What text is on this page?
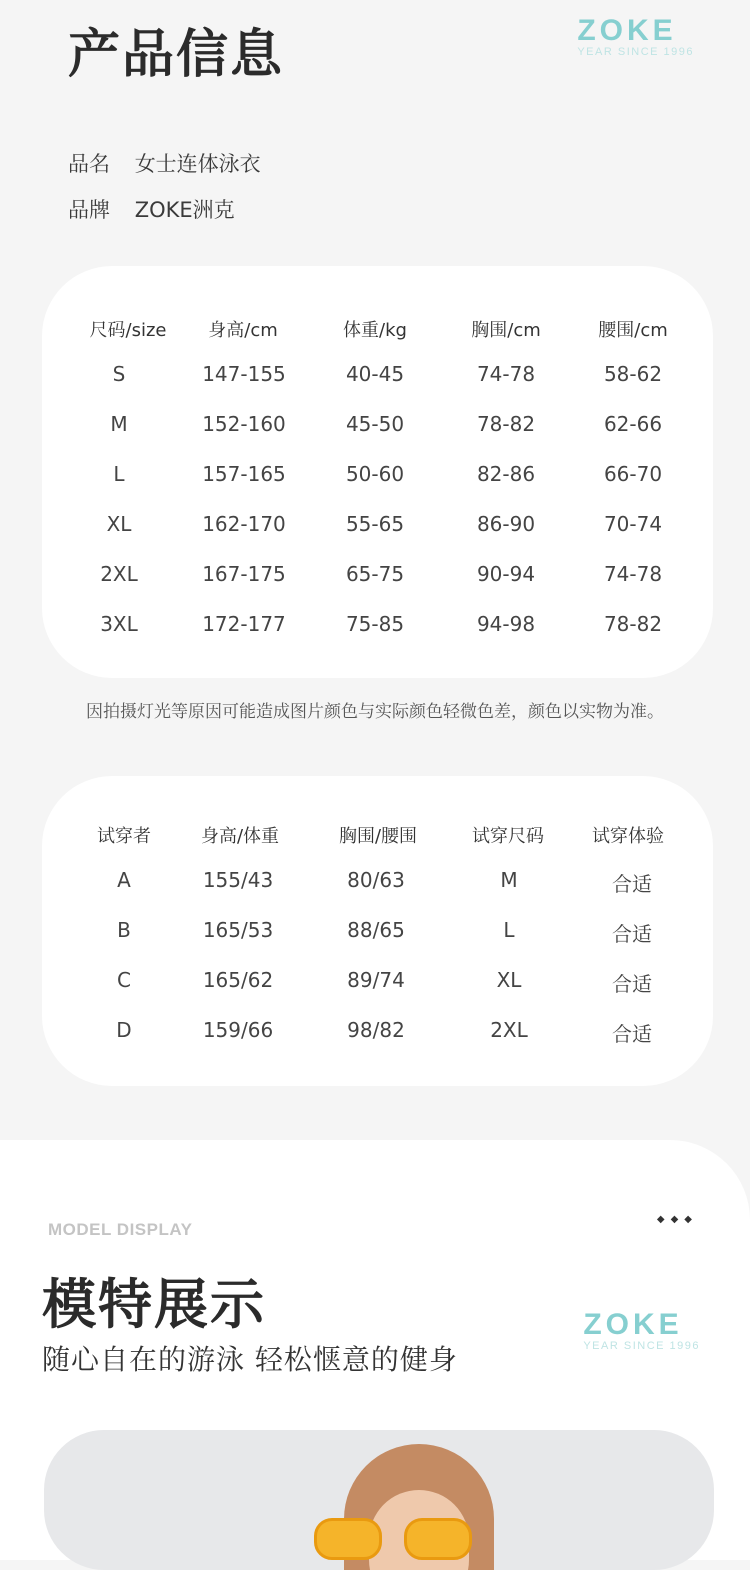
产品信息	ZOKE
YEAR SINCE 1996
品名 女士连体泳衣
品牌 ZOKE洲克
尺码/size 身高/cm	体重/kg	胸围/cm	腰围/cm
S	147-155	40-45	74-78	58-62
M	152-160	45-50	78-82	62-66
L	157-165	50-60	82-86	66-70
XL	162-170	55-65	86-90	70-74
2XL	167-175	65-75	90-94	74-78
3XL	172-177	75-85	94-98	78-82
因拍摄灯光等原因可能造成图片颜色与实际颜色轻微色差，颜色以实物为准。
试穿者	身高/体重	胸围/腰围	试穿尺码	试穿体验
A	155/43	80/63	M	合适
B	165/53	88/65	L	合适
C	165/62	89/74	XL	合适
D	159/66	98/82	2XL	合适
MODEL DISPLAY
◆◆◆
模特展示
随心自在的游泳 轻松惬意的健身
ZOKE
YEAR SINCE 1996
